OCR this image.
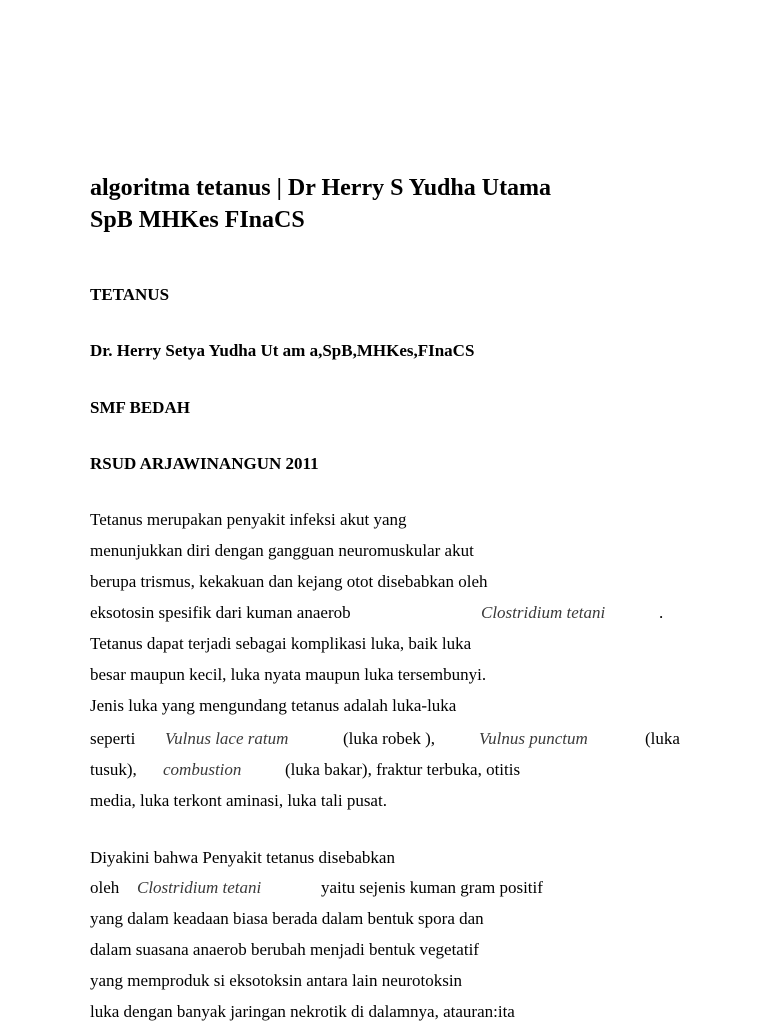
algoritma tetanus | Dr Herry S Yudha Utama
SpB MHKes FInaCS
TETANUS
Dr. Herry Setya Yudha Ut am a,SpB,MHKes,FInaCS
SMF BEDAH
RSUD ARJAWINANGUN 2011
Tetanus merupakan penyakit infeksi akut yang
menunjukkan diri dengan gangguan neuromuskular akut
berupa trismus, kekakuan dan kejang otot disebabkan oleh
eksotosin spesifik dari kuman anaerob	Clostridium tetani	.
Tetanus dapat terjadi sebagai komplikasi luka, baik luka
besar maupun kecil, luka nyata maupun luka tersembunyi.
Jenis luka yang mengundang tetanus adalah luka-luka
seperti Vulnus lace ratum	(luka robek ),	Vulnus punctum	(luka
tusuk), combustion	(luka bakar), fraktur terbuka, otitis
media, luka terkont aminasi, luka tali pusat.
Diyakini bahwa Penyakit tetanus disebabkan
oleh Clostridium tetani	yaitu sejenis kuman gram positif
yang dalam keadaan biasa berada dalam bentuk spora dan
dalam suasana anaerob berubah menjadi bentuk vegetatif
yang memproduk si eksotoksin antara lain neurotoksin
luka dengan banyak jaringan nekrotik di dalamnya, atauran:ita
